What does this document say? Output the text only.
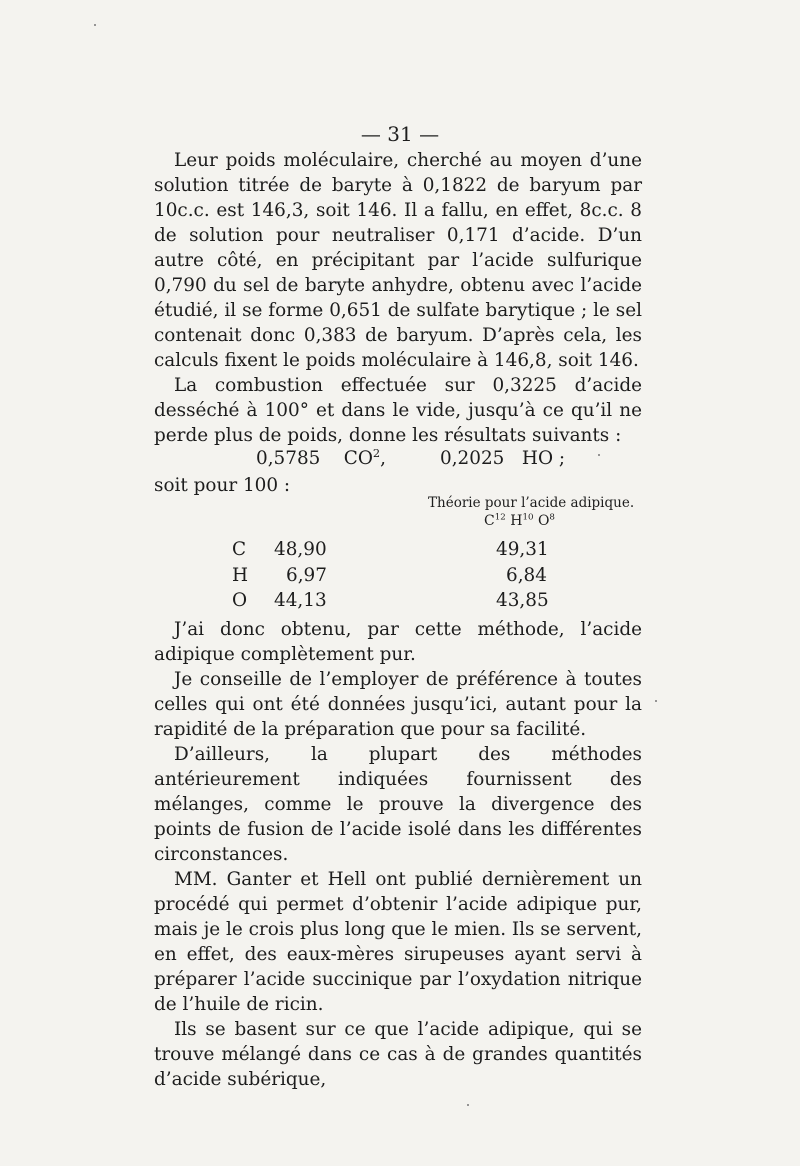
— 31 —

Leur poids moléculaire, cherché au moyen d’une solution titrée de baryte à 0,1822 de baryum par 10c.c. est 146,3, soit 146. Il a fallu, en effet, 8c.c. 8 de solution pour neutraliser 0,171 d’acide. D’un autre côté, en précipitant par l’acide sulfurique 0,790 du sel de baryte anhydre, obtenu avec l’acide étudié, il se forme 0,651 de sulfate barytique ; le sel contenait donc 0,383 de baryum. D’après cela, les calculs fixent le poids moléculaire à 146,8, soit 146.

La combustion effectuée sur 0,3225 d’acide desséché à 100° et dans le vide, jusqu’à ce qu’il ne perde plus de poids, donne les résultats suivants :

0,5785 $CO^2$,	0,2025 HO ;
soit pour 100 :
Théorie pour l’acide adipique.
$C^{12}$ $H^{10}$ $O^8$
C 48,90	49,31
H 6,97	6,84
O 44,13	43,85

J’ai donc obtenu, par cette méthode, l’acide adipique complètement pur.

Je conseille de l’employer de préférence à toutes celles qui ont été données jusqu’ici, autant pour la rapidité de la préparation que pour sa facilité.

D’ailleurs, la plupart des méthodes antérieurement indiquées fournissent des mélanges, comme le prouve la divergence des points de fusion de l’acide isolé dans les différentes circonstances.

MM. Ganter et Hell ont publié dernièrement un procédé qui permet d’obtenir l’acide adipique pur, mais je le crois plus long que le mien. Ils se servent, en effet, des eaux-mères sirupeuses ayant servi à préparer l’acide succinique par l’oxydation nitrique de l’huile de ricin.

Ils se basent sur ce que l’acide adipique, qui se trouve mélangé dans ce cas à de grandes quantités d’acide subérique,
